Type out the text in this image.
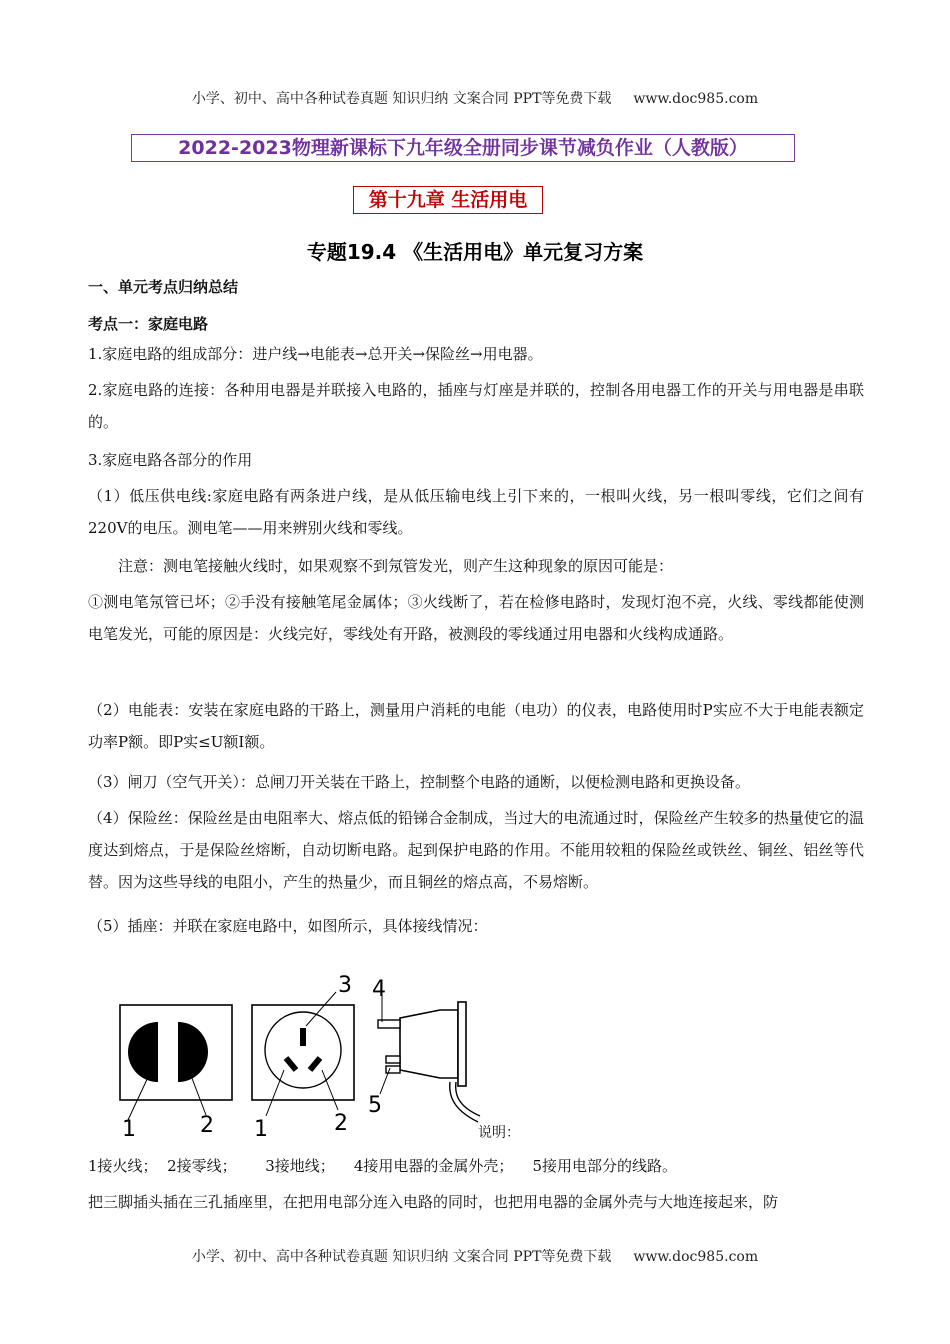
小学、初中、高中各种试卷真题 知识归纳 文案合同 PPT等免费下载 www.doc985.com
2022-2023物理新课标下九年级全册同步课节减负作业（人教版）
第十九章 生活用电
专题19.4 《生活用电》单元复习方案
一、单元考点归纳总结
考点一：家庭电路
1.家庭电路的组成部分：进户线→电能表→总开关→保险丝→用电器。
2.家庭电路的连接：各种用电器是并联接入电路的，插座与灯座是并联的，控制各用电器工作的开关与用电器是串联的。
3.家庭电路各部分的作用
（1）低压供电线:家庭电路有两条进户线，是从低压输电线上引下来的，一根叫火线，另一根叫零线，它们之间有220V的电压。测电笔——用来辨别火线和零线。
注意：测电笔接触火线时，如果观察不到氖管发光，则产生这种现象的原因可能是：
①测电笔氖管已坏；②手没有接触笔尾金属体；③火线断了，若在检修电路时，发现灯泡不亮，火线、零线都能使测电笔发光，可能的原因是：火线完好，零线处有开路，被测段的零线通过用电器和火线构成通路。
（2）电能表：安装在家庭电路的干路上，测量用户消耗的电能（电功）的仪表，电路使用时P实应不大于电能表额定功率P额。即P实≤U额I额。
（3）闸刀（空气开关）：总闸刀开关装在干路上，控制整个电路的通断，以便检测电路和更换设备。
（4）保险丝：保险丝是由电阻率大、熔点低的铅锑合金制成，当过大的电流通过时，保险丝产生较多的热量使它的温度达到熔点，于是保险丝熔断，自动切断电路。起到保护电路的作用。不能用较粗的保险丝或铁丝、铜丝、铝丝等代替。因为这些导线的电阻小，产生的热量少，而且铜丝的熔点高，不易熔断。
（5）插座：并联在家庭电路中，如图所示，具体接线情况：
1	2
3
1	2
4
5
说明：
1接火线；  2接零线；      3接地线；    4接用电器的金属外壳；    5接用电部分的线路。
把三脚插头插在三孔插座里，在把用电部分连入电路的同时，也把用电器的金属外壳与大地连接起来，防
小学、初中、高中各种试卷真题 知识归纳 文案合同 PPT等免费下载 www.doc985.com
